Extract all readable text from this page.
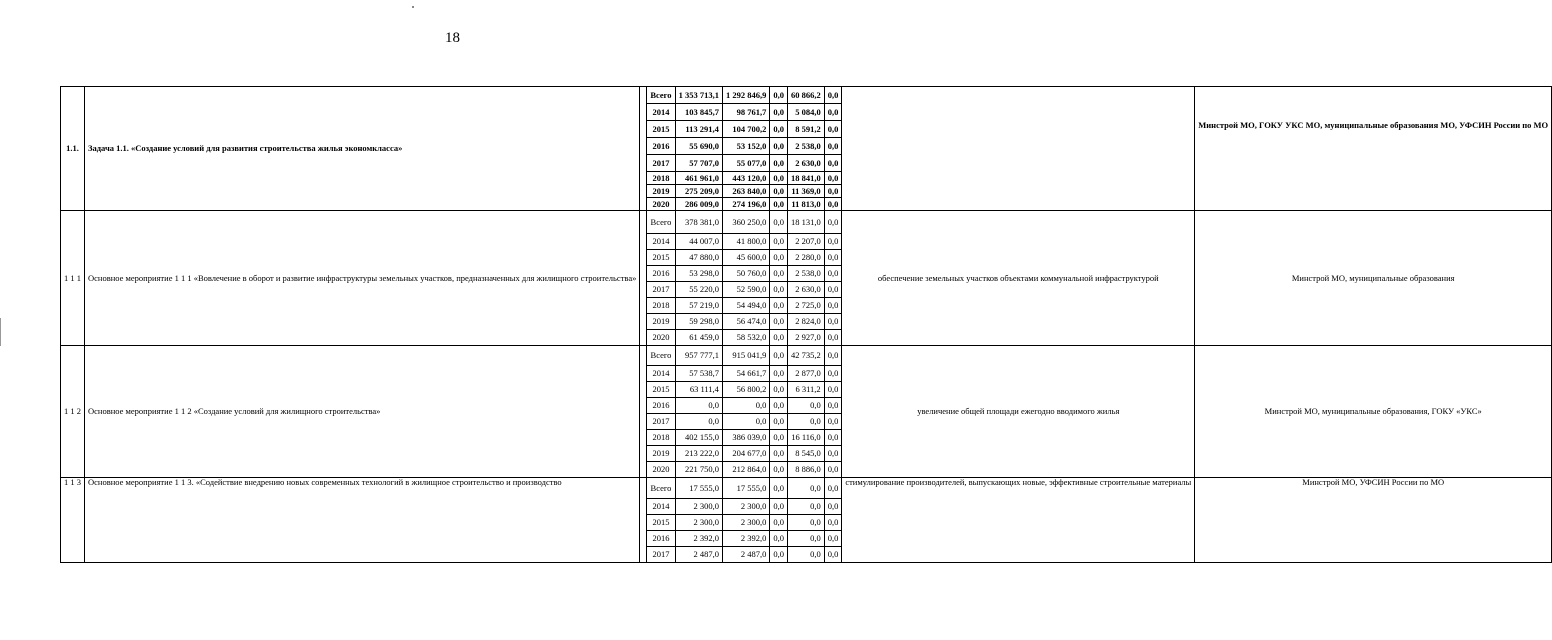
18
1.1.	Задача 1.1. «Создание условий для развития строительства жилья экономкласса»		Всего	1 353 713,1	1 292 846,9	0,0	60 866,2	0,0		Минстрой МО, ГОКУ УКС МО, муниципальные образования МО, УФСИН России по МО
			2014	103 845,7	98 761,7	0,0	5 084,0	0,0		
			2015	113 291,4	104 700,2	0,0	8 591,2	0,0		
			2016	55 690,0	53 152,0	0,0	2 538,0	0,0		
			2017	57 707,0	55 077,0	0,0	2 630,0	0,0		
			2018	461 961,0	443 120,0	0,0	18 841,0	0,0		
			2019	275 209,0	263 840,0	0,0	11 369,0	0,0		
			2020	286 009,0	274 196,0	0,0	11 813,0	0,0		
1 1 1	Основное мероприятие 1 1 1 «Вовлечение в оборот и развитие инфраструктуры земельных участков, предназначенных для жилищного строительства»		Всего	378 381,0	360 250,0	0,0	18 131,0	0,0	обеспечение земельных участков объектами коммунальной инфраструктурой	Минстрой МО, муниципальные образования
			2014	44 007,0	41 800,0	0,0	2 207,0	0,0		
			2015	47 880,0	45 600,0	0,0	2 280,0	0,0		
			2016	53 298,0	50 760,0	0,0	2 538,0	0,0		
			2017	55 220,0	52 590,0	0,0	2 630,0	0,0		
			2018	57 219,0	54 494,0	0,0	2 725,0	0,0		
			2019	59 298,0	56 474,0	0,0	2 824,0	0,0		
			2020	61 459,0	58 532,0	0,0	2 927,0	0,0		
1 1 2	Основное мероприятие 1 1 2 «Создание условий для жилищного строительства»		Всего	957 777,1	915 041,9	0,0	42 735,2	0,0	увеличение общей площади ежегодно вводимого жилья	Минстрой МО, муниципальные образования, ГОКУ «УКС»
			2014	57 538,7	54 661,7	0,0	2 877,0	0,0		
			2015	63 111,4	56 800,2	0,0	6 311,2	0,0		
			2016	0,0	0,0	0,0	0,0	0,0		
			2017	0,0	0,0	0,0	0,0	0,0		
			2018	402 155,0	386 039,0	0,0	16 116,0	0,0		
			2019	213 222,0	204 677,0	0,0	8 545,0	0,0		
			2020	221 750,0	212 864,0	0,0	8 886,0	0,0		
1 1 3	Основное мероприятие 1 1 3. «Содействие внедрению новых современных технологий в жилищное строительство и производство		Всего	17 555,0	17 555,0	0,0	0,0	0,0	стимулирование производителей, выпускающих новые, эффективные строительные материалы	Минстрой МО, УФСИН России по МО
			2014	2 300,0	2 300,0	0,0	0,0	0,0		
			2015	2 300,0	2 300,0	0,0	0,0	0,0		
			2016	2 392,0	2 392,0	0,0	0,0	0,0		
			2017	2 487,0	2 487,0	0,0	0,0	0,0		
